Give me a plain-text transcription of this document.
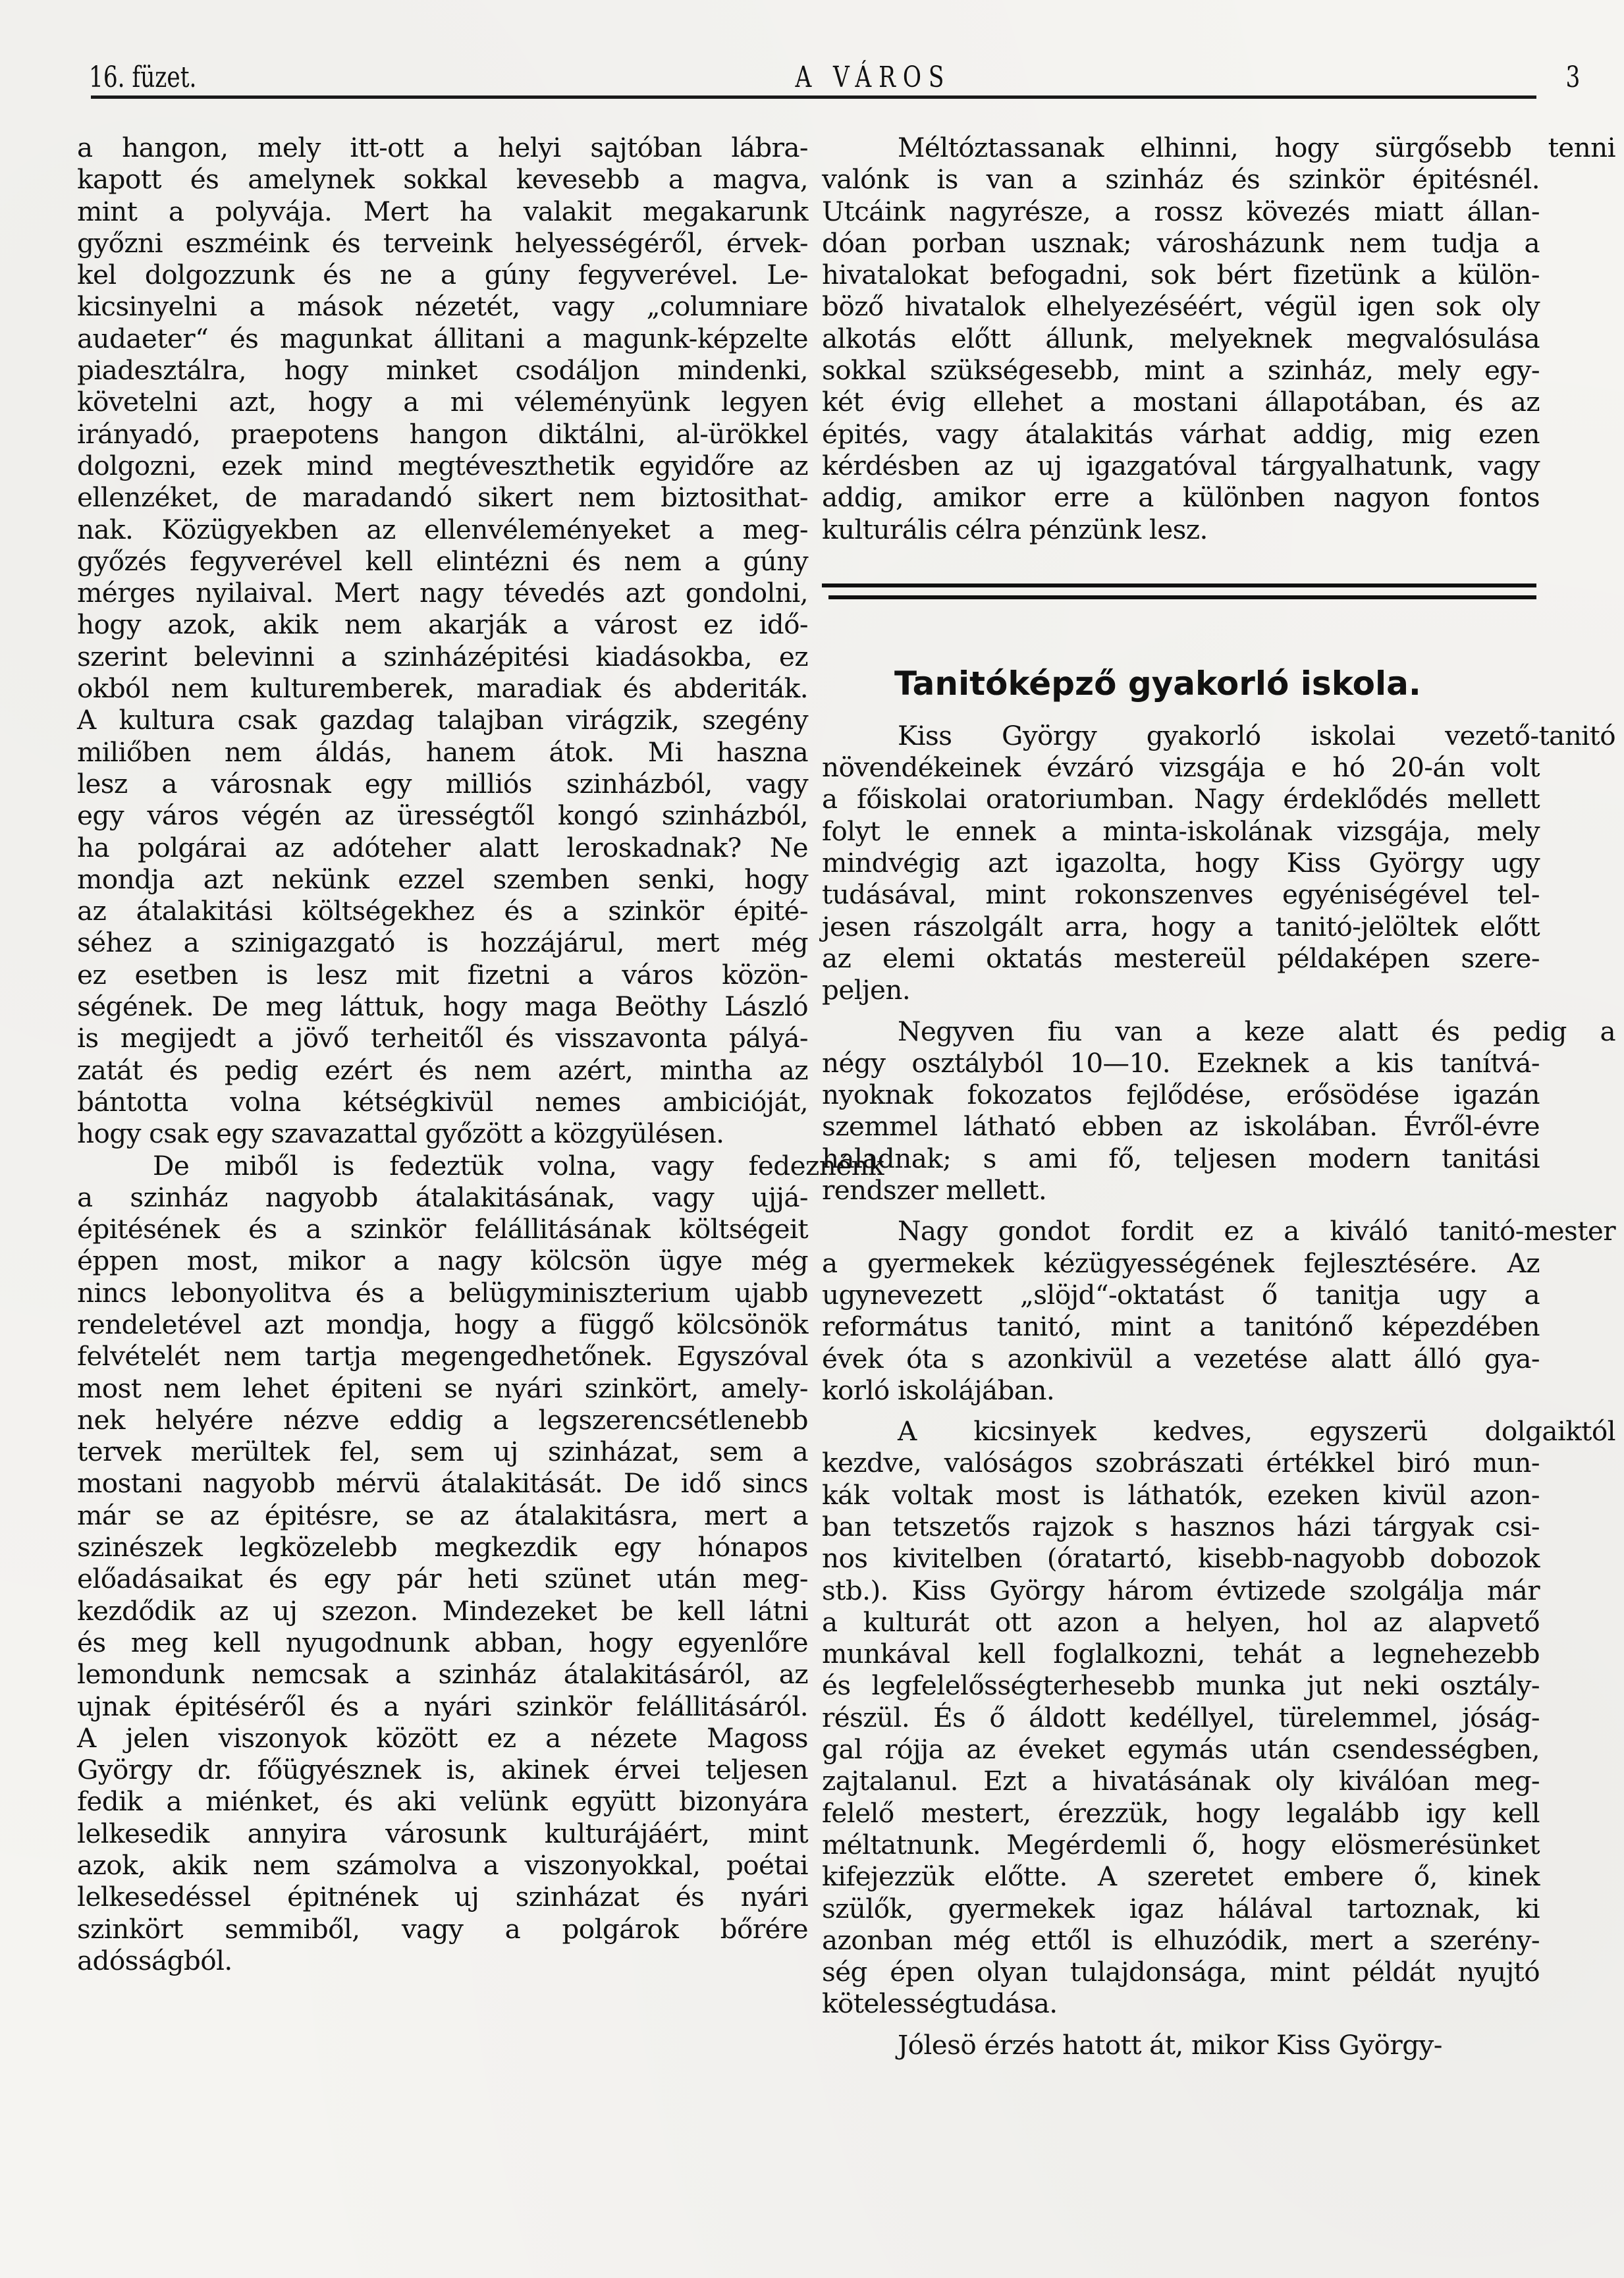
16. füzet.	A VÁROS	3
a hangon, mely itt-ott a helyi sajtóban lábra-
kapott és amelynek sokkal kevesebb a magva,
mint a polyvája. Mert ha valakit megakarunk
győzni eszméink és terveink helyességéről, érvek-
kel dolgozzunk és ne a gúny fegyverével. Le-
kicsinyelni a mások nézetét, vagy „columniare
audaeter“ és magunkat állitani a magunk-képzelte
piadesztálra, hogy minket csodáljon mindenki,
követelni azt, hogy a mi véleményünk legyen
irányadó, praepotens hangon diktálni, al-ürökkel
dolgozni, ezek mind megtéveszthetik egyidőre az
ellenzéket, de maradandó sikert nem biztosithat-
nak. Közügyekben az ellenvéleményeket a meg-
győzés fegyverével kell elintézni és nem a gúny
mérges nyilaival. Mert nagy tévedés azt gondolni,
hogy azok, akik nem akarják a várost ez idő-
szerint belevinni a szinházépitési kiadásokba, ez
okból nem kulturemberek, maradiak és abderiták.
A kultura csak gazdag talajban virágzik, szegény
miliőben nem áldás, hanem átok. Mi haszna
lesz a városnak egy milliós szinházból, vagy
egy város végén az ürességtől kongó szinházból,
ha polgárai az adóteher alatt leroskadnak? Ne
mondja azt nekünk ezzel szemben senki, hogy
az átalakitási költségekhez és a szinkör épité-
séhez a szinigazgató is hozzájárul, mert még
ez esetben is lesz mit fizetni a város közön-
ségének. De meg láttuk, hogy maga Beöthy László
is megijedt a jövő terheitől és visszavonta pályá-
zatát és pedig ezért és nem azért, mintha az
bántotta volna kétségkivül nemes ambicióját,
hogy csak egy szavazattal győzött a közgyülésen.
De miből is fedeztük volna, vagy fedeznénk
a szinház nagyobb átalakitásának, vagy ujjá-
épitésének és a szinkör felállitásának költségeit
éppen most, mikor a nagy kölcsön ügye még
nincs lebonyolitva és a belügyminiszterium ujabb
rendeletével azt mondja, hogy a függő kölcsönök
felvételét nem tartja megengedhetőnek. Egyszóval
most nem lehet épiteni se nyári szinkört, amely-
nek helyére nézve eddig a legszerencsétlenebb
tervek merültek fel, sem uj szinházat, sem a
mostani nagyobb mérvü átalakitását. De idő sincs
már se az épitésre, se az átalakitásra, mert a
szinészek legközelebb megkezdik egy hónapos
előadásaikat és egy pár heti szünet után meg-
kezdődik az uj szezon. Mindezeket be kell látni
és meg kell nyugodnunk abban, hogy egyenlőre
lemondunk nemcsak a szinház átalakitásáról, az
ujnak épitéséről és a nyári szinkör felállitásáról.
A jelen viszonyok között ez a nézete Magoss
György dr. főügyésznek is, akinek érvei teljesen
fedik a miénket, és aki velünk együtt bizonyára
lelkesedik annyira városunk kulturájáért, mint
azok, akik nem számolva a viszonyokkal, poétai
lelkesedéssel épitnének uj szinházat és nyári
szinkört semmiből, vagy a polgárok bőrére
adósságból.
Méltóztassanak elhinni, hogy sürgősebb tenni
valónk is van a szinház és szinkör épitésnél.
Utcáink nagyrésze, a rossz kövezés miatt állan-
dóan porban usznak; városházunk nem tudja a
hivatalokat befogadni, sok bért fizetünk a külön-
böző hivatalok elhelyezéséért, végül igen sok oly
alkotás előtt állunk, melyeknek megvalósulása
sokkal szükségesebb, mint a szinház, mely egy-
két évig ellehet a mostani állapotában, és az
épités, vagy átalakitás várhat addig, mig ezen
kérdésben az uj igazgatóval tárgyalhatunk, vagy
addig, amikor erre a különben nagyon fontos
kulturális célra pénzünk lesz.
Tanitóképző gyakorló iskola.
Kiss György gyakorló iskolai vezető-tanitó
növendékeinek évzáró vizsgája e hó 20-án volt
a főiskolai oratoriumban. Nagy érdeklődés mellett
folyt le ennek a minta-iskolának vizsgája, mely
mindvégig azt igazolta, hogy Kiss György ugy
tudásával, mint rokonszenves egyéniségével tel-
jesen rászolgált arra, hogy a tanitó-jelöltek előtt
az elemi oktatás mestereül példaképen szere-
peljen.
Negyven fiu van a keze alatt és pedig a
négy osztályból 10—10. Ezeknek a kis tanítvá-
nyoknak fokozatos fejlődése, erősödése igazán
szemmel látható ebben az iskolában. Évről-évre
haladnak; s ami fő, teljesen modern tanitási
rendszer mellett.
Nagy gondot fordit ez a kiváló tanitó-mester
a gyermekek kézügyességének fejlesztésére. Az
ugynevezett „slöjd“-oktatást ő tanitja ugy a
református tanitó, mint a tanitónő képezdében
évek óta s azonkivül a vezetése alatt álló gya-
korló iskolájában.
A kicsinyek kedves, egyszerü dolgaiktól
kezdve, valóságos szobrászati értékkel biró mun-
kák voltak most is láthatók, ezeken kivül azon-
ban tetszetős rajzok s hasznos házi tárgyak csi-
nos kivitelben (óratartó, kisebb-nagyobb dobozok
stb.). Kiss György három évtizede szolgálja már
a kulturát ott azon a helyen, hol az alapvető
munkával kell foglalkozni, tehát a legnehezebb
és legfelelősségterhesebb munka jut neki osztály-
részül. És ő áldott kedéllyel, türelemmel, jóság-
gal rójja az éveket egymás után csendességben,
zajtalanul. Ezt a hivatásának oly kiválóan meg-
felelő mestert, érezzük, hogy legalább igy kell
méltatnunk. Megérdemli ő, hogy elösmerésünket
kifejezzük előtte. A szeretet embere ő, kinek
szülők, gyermekek igaz hálával tartoznak, ki
azonban még ettől is elhuzódik, mert a szerény-
ség épen olyan tulajdonsága, mint példát nyujtó
kötelességtudása.
Jólesö érzés hatott át, mikor Kiss György-
